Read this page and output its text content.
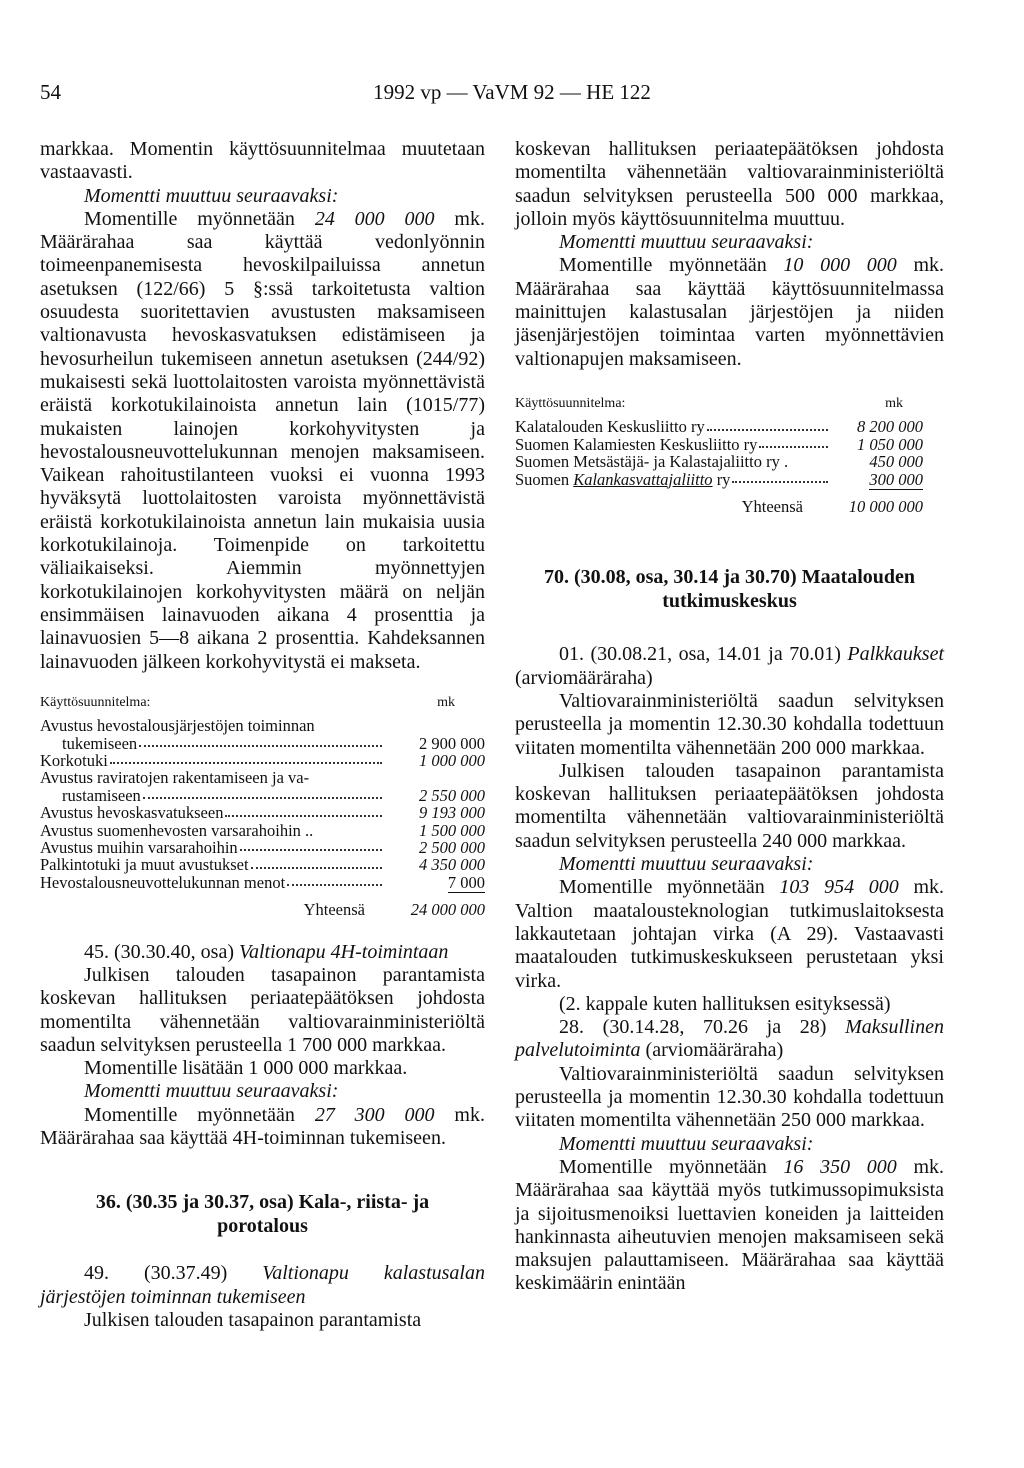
54	1992 vp — VaVM 92 — HE 122

markkaa. Momentin käyttösuunnitelmaa muutetaan vastaavasti.

Momentti muuttuu seuraavaksi:

Momentille myönnetään 24 000 000 mk. Määrärahaa saa käyttää vedonlyönnin toimeenpanemisesta hevoskilpailuissa annetun asetuksen (122/66) 5 §:ssä tarkoitetusta valtion osuudesta suoritettavien avustusten maksamiseen valtionavusta hevoskasvatuksen edistämiseen ja hevosurheilun tukemiseen annetun asetuksen (244/92) mukaisesti sekä luottolaitosten varoista myönnettävistä eräistä korkotukilainoista annetun lain (1015/77) mukaisten lainojen korkohyvitysten ja hevostalousneuvottelukunnan menojen maksamiseen. Vaikean rahoitustilanteen vuoksi ei vuonna 1993 hyväksytä luottolaitosten varoista myönnettävistä eräistä korkotukilainoista annetun lain mukaisia uusia korkotukilainoja. Toimenpide on tarkoitettu väliaikaiseksi. Aiemmin myönnettyjen korkotukilainojen korkohyvitysten määrä on neljän ensimmäisen lainavuoden aikana 4 prosenttia ja lainavuosien 5—8 aikana 2 prosenttia. Kahdeksannen lainavuoden jälkeen korkohyvitystä ei makseta.

Käyttösuunnitelma:	mk
Avustus hevostalousjärjestöjen toiminnan
tukemiseen	2 900 000
Korkotuki	1 000 000
Avustus raviratojen rakentamiseen ja va-
rustamiseen	2 550 000
Avustus hevoskasvatukseen	9 193 000
Avustus suomenhevosten varsarahoihin ..	1 500 000
Avustus muihin varsarahoihin	2 500 000
Palkintotuki ja muut avustukset	4 350 000
Hevostalousneuvottelukunnan menot	7 000
Yhteensä	24 000 000

45. (30.30.40, osa) Valtionapu 4H-toimintaan

Julkisen talouden tasapainon parantamista koskevan hallituksen periaatepäätöksen johdosta momentilta vähennetään valtiovarainministeriöltä saadun selvityksen perusteella 1 700 000 markkaa.

Momentille lisätään 1 000 000 markkaa.

Momentti muuttuu seuraavaksi:

Momentille myönnetään 27 300 000 mk. Määrärahaa saa käyttää 4H-toiminnan tukemiseen.

36. (30.35 ja 30.37, osa) Kala-, riista- ja porotalous

49. (30.37.49) Valtionapu kalastusalan järjestöjen toiminnan tukemiseen

Julkisen talouden tasapainon parantamista

koskevan hallituksen periaatepäätöksen johdosta momentilta vähennetään valtiovarainministeriöltä saadun selvityksen perusteella 500 000 markkaa, jolloin myös käyttösuunnitelma muuttuu.

Momentti muuttuu seuraavaksi:

Momentille myönnetään 10 000 000 mk. Määrärahaa saa käyttää käyttösuunnitelmassa mainittujen kalastusalan järjestöjen ja niiden jäsenjärjestöjen toimintaa varten myönnettävien valtionapujen maksamiseen.

Käyttösuunnitelma:	mk
Kalatalouden Keskusliitto ry	8 200 000
Suomen Kalamiesten Keskusliitto ry	1 050 000
Suomen Metsästäjä- ja Kalastajaliitto ry .	450 000
Suomen Kalankasvattajaliitto ry	300 000
Yhteensä	10 000 000
70. (30.08, osa, 30.14 ja 30.70) Maatalouden tutkimuskeskus

01. (30.08.21, osa, 14.01 ja 70.01) Palkkaukset (arviomääräraha)

Valtiovarainministeriöltä saadun selvityksen perusteella ja momentin 12.30.30 kohdalla todettuun viitaten momentilta vähennetään 200 000 markkaa.

Julkisen talouden tasapainon parantamista koskevan hallituksen periaatepäätöksen johdosta momentilta vähennetään valtiovarainministeriöltä saadun selvityksen perusteella 240 000 markkaa.

Momentti muuttuu seuraavaksi:

Momentille myönnetään 103 954 000 mk. Valtion maatalousteknologian tutkimuslaitoksesta lakkautetaan johtajan virka (A 29). Vastaavasti maatalouden tutkimuskeskukseen perustetaan yksi virka.

(2. kappale kuten hallituksen esityksessä)

28. (30.14.28, 70.26 ja 28) Maksullinen palvelutoiminta (arviomääräraha)

Valtiovarainministeriöltä saadun selvityksen perusteella ja momentin 12.30.30 kohdalla todettuun viitaten momentilta vähennetään 250 000 markkaa.

Momentti muuttuu seuraavaksi:

Momentille myönnetään 16 350 000 mk. Määrärahaa saa käyttää myös tutkimussopimuksista ja sijoitusmenoiksi luettavien koneiden ja laitteiden hankinnasta aiheutuvien menojen maksamiseen sekä maksujen palauttamiseen. Määrärahaa saa käyttää keskimäärin enintään
